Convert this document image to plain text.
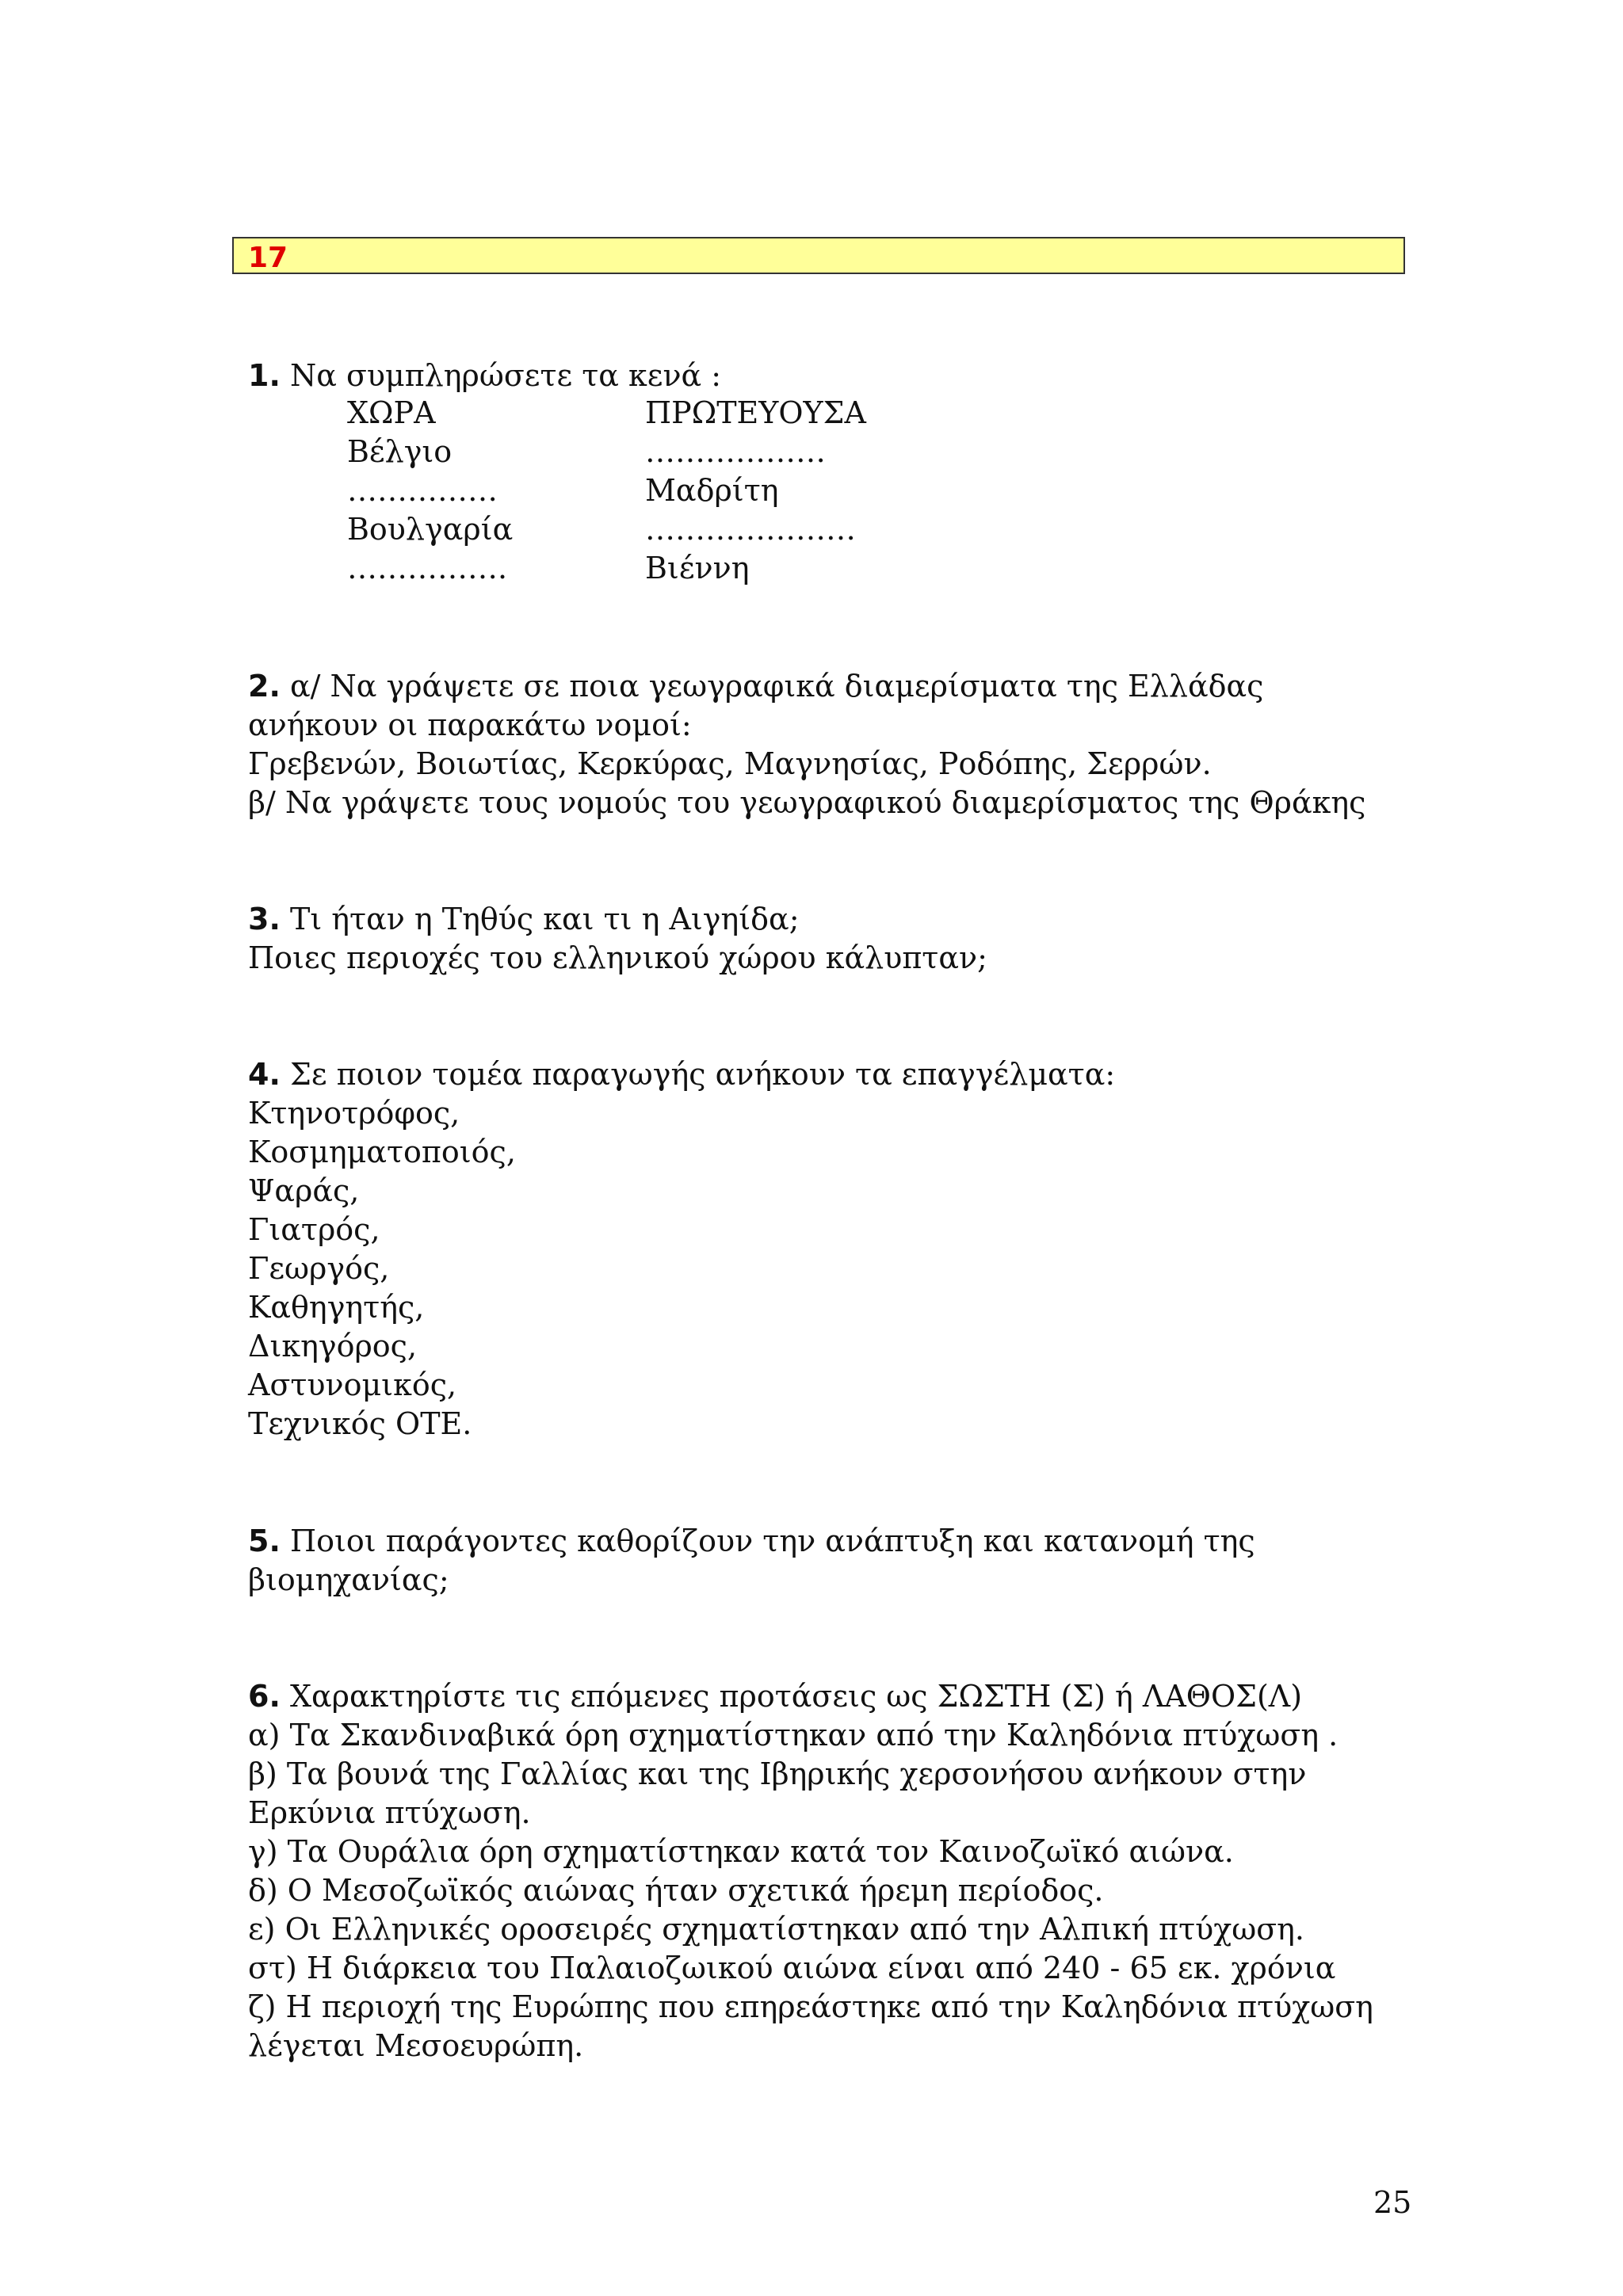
17
1. Να συμπληρώσετε τα κενά :
ΧΩΡΑ	ΠΡΩΤΕΥΟΥΣΑ
Βέλγιο	………………
……………	Μαδρίτη
Βουλγαρία	…………………
…………….	Βιέννη
2. α/ Να γράψετε σε ποια γεωγραφικά διαμερίσματα της Ελλάδας
ανήκουν οι παρακάτω νομοί:
Γρεβενών, Βοιωτίας, Κερκύρας, Μαγνησίας, Ροδόπης, Σερρών.
β/ Να γράψετε τους νομούς του γεωγραφικού διαμερίσματος της Θράκης
3. Τι ήταν η Τηθύς και τι η Αιγηίδα;
Ποιες περιοχές του ελληνικού χώρου κάλυπταν;
4. Σε ποιον τομέα παραγωγής ανήκουν τα επαγγέλματα:
Κτηνοτρόφος,
Κοσμηματοποιός,
Ψαράς,
Γιατρός,
Γεωργός,
Καθηγητής,
Δικηγόρος,
Αστυνομικός,
Τεχνικός ΟΤΕ.
5. Ποιοι παράγοντες καθορίζουν την ανάπτυξη και κατανομή της
βιομηχανίας;
6. Χαρακτηρίστε τις επόμενες προτάσεις ως ΣΩΣΤΗ (Σ) ή ΛΑΘΟΣ(Λ)
α) Τα Σκανδιναβικά όρη σχηματίστηκαν από την Καληδόνια πτύχωση .
β) Τα βουνά της Γαλλίας και της Ιβηρικής χερσονήσου ανήκουν στην
Ερκύνια πτύχωση.
γ) Τα Ουράλια όρη σχηματίστηκαν κατά τον Καινοζωϊκό αιώνα.
δ) Ο Μεσοζωϊκός αιώνας ήταν σχετικά ήρεμη περίοδος.
ε) Οι Ελληνικές οροσειρές σχηματίστηκαν από την Αλπική πτύχωση.
στ) Η διάρκεια του Παλαιοζωικού αιώνα είναι από 240 - 65 εκ. χρόνια
ζ) Η περιοχή της Ευρώπης που επηρεάστηκε από την Καληδόνια πτύχωση
λέγεται Μεσοευρώπη.
25
